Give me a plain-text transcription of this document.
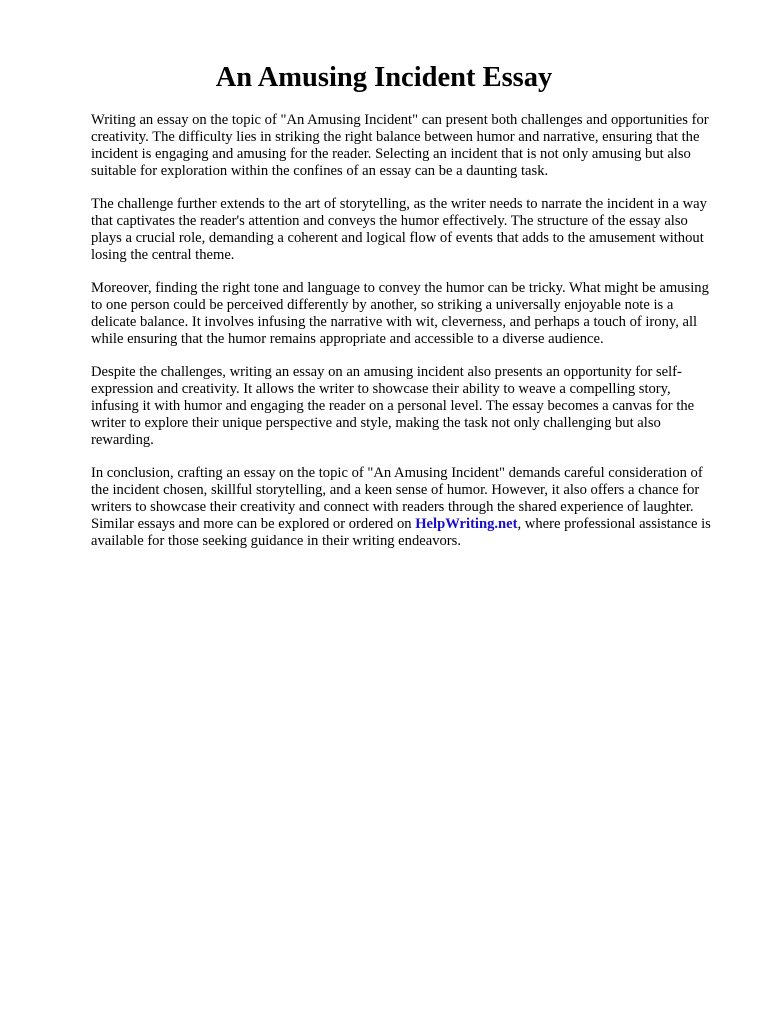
An Amusing Incident Essay

Writing an essay on the topic of "An Amusing Incident" can present both challenges and opportunities for creativity. The difficulty lies in striking the right balance between humor and narrative, ensuring that the incident is engaging and amusing for the reader. Selecting an incident that is not only amusing but also suitable for exploration within the confines of an essay can be a daunting task.

The challenge further extends to the art of storytelling, as the writer needs to narrate the incident in a way that captivates the reader's attention and conveys the humor effectively. The structure of the essay also plays a crucial role, demanding a coherent and logical flow of events that adds to the amusement without losing the central theme.

Moreover, finding the right tone and language to convey the humor can be tricky. What might be amusing to one person could be perceived differently by another, so striking a universally enjoyable note is a delicate balance. It involves infusing the narrative with wit, cleverness, and perhaps a touch of irony, all while ensuring that the humor remains appropriate and accessible to a diverse audience.

Despite the challenges, writing an essay on an amusing incident also presents an opportunity for self-expression and creativity. It allows the writer to showcase their ability to weave a compelling story, infusing it with humor and engaging the reader on a personal level. The essay becomes a canvas for the writer to explore their unique perspective and style, making the task not only challenging but also rewarding.

In conclusion, crafting an essay on the topic of "An Amusing Incident" demands careful consideration of the incident chosen, skillful storytelling, and a keen sense of humor. However, it also offers a chance for writers to showcase their creativity and connect with readers through the shared experience of laughter. Similar essays and more can be explored or ordered on HelpWriting.net, where professional assistance is available for those seeking guidance in their writing endeavors.
